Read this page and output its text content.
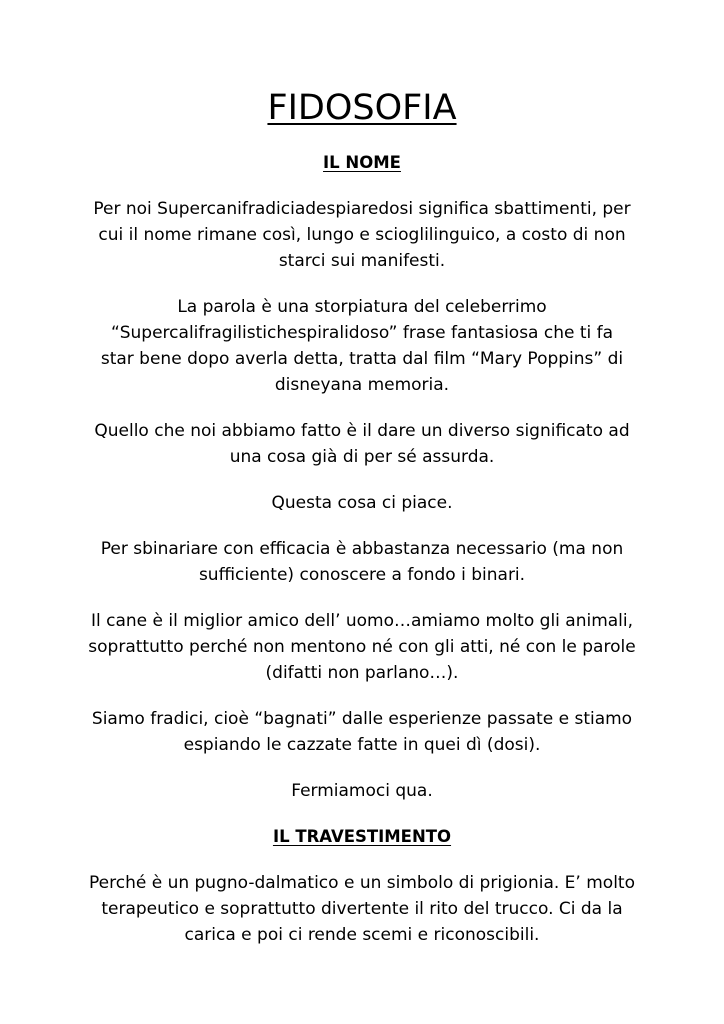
FIDOSOFIA
IL NOME

Per noi Supercanifradiciadespiaredosi significa sbattimenti, per
cui il nome rimane così, lungo e scioglilinguico, a costo di non
starci sui manifesti.

La parola è una storpiatura del celeberrimo
“Supercalifragilistichespiralidoso” frase fantasiosa che ti fa
star bene dopo averla detta, tratta dal film “Mary Poppins” di
disneyana memoria.

Quello che noi abbiamo fatto è il dare un diverso significato ad
una cosa già di per sé assurda.

Questa cosa ci piace.

Per sbinariare con efficacia è abbastanza necessario (ma non
sufficiente) conoscere a fondo i binari.

Il cane è il miglior amico dell’ uomo…amiamo molto gli animali,
soprattutto perché non mentono né con gli atti, né con le parole
(difatti non parlano…).

Siamo fradici, cioè “bagnati” dalle esperienze passate e stiamo
espiando le cazzate fatte in quei dì (dosi).

Fermiamoci qua.

IL TRAVESTIMENTO

Perché è un pugno-dalmatico e un simbolo di prigionia. E’ molto
terapeutico e soprattutto divertente il rito del trucco. Ci da la
carica e poi ci rende scemi e riconoscibili.
